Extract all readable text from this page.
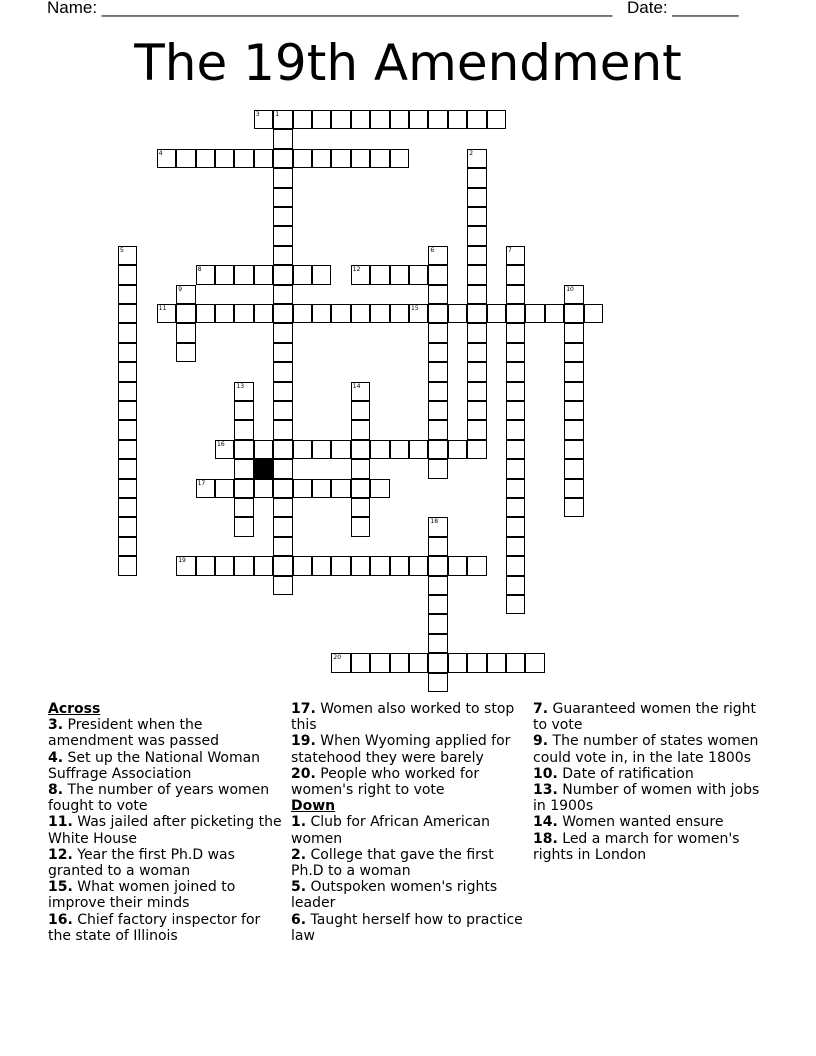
Name: ______________________________________________________ Date: _______
The 19th Amendment
3
4
8
11
12
15
16
17
19
20
1
2
5	6	7
9	10
13	14
18
Across
3. President when the amendment was passed
4. Set up the National Woman Suffrage Association
8. The number of years women fought to vote
11. Was jailed after picketing the White House
12. Year the first Ph.D was granted to a woman
15. What women joined to improve their minds
16. Chief factory inspector for the state of Illinois
17. Women also worked to stop this
19. When Wyoming applied for statehood they were barely
20. People who worked for women's right to vote
Down
1. Club for African American women
2. College that gave the first Ph.D to a woman
5. Outspoken women's rights leader
6. Taught herself how to practice law
7. Guaranteed women the right to vote
9. The number of states women could vote in, in the late 1800s
10. Date of ratification
13. Number of women with jobs in 1900s
14. Women wanted ensure
18. Led a march for women's rights in London
